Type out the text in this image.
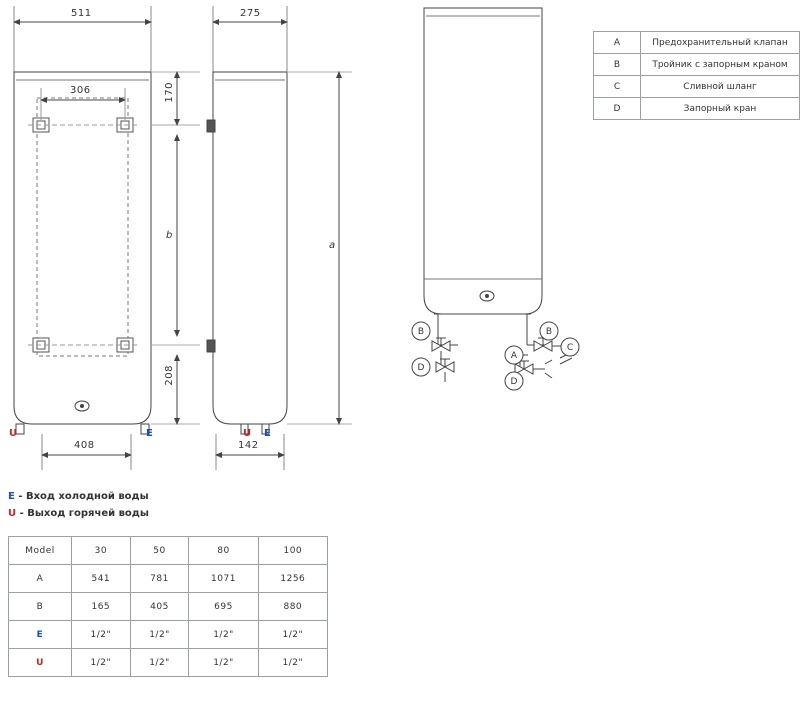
B
D
B
A
D
C
511
306
408
170
b
208
275
142
a
U	E	U E
A	Предохранительный клапан
B	Тройник с запорным краном
C	Сливной шланг
D	Запорный кран
E - Вход холодной воды
U - Выход горячей воды
Model	30	50	80	100
A	541	781	1071	1256
B	165	405	695	880
E	1/2"	1/2"	1/2"	1/2"
U	1/2"	1/2"	1/2"	1/2"
